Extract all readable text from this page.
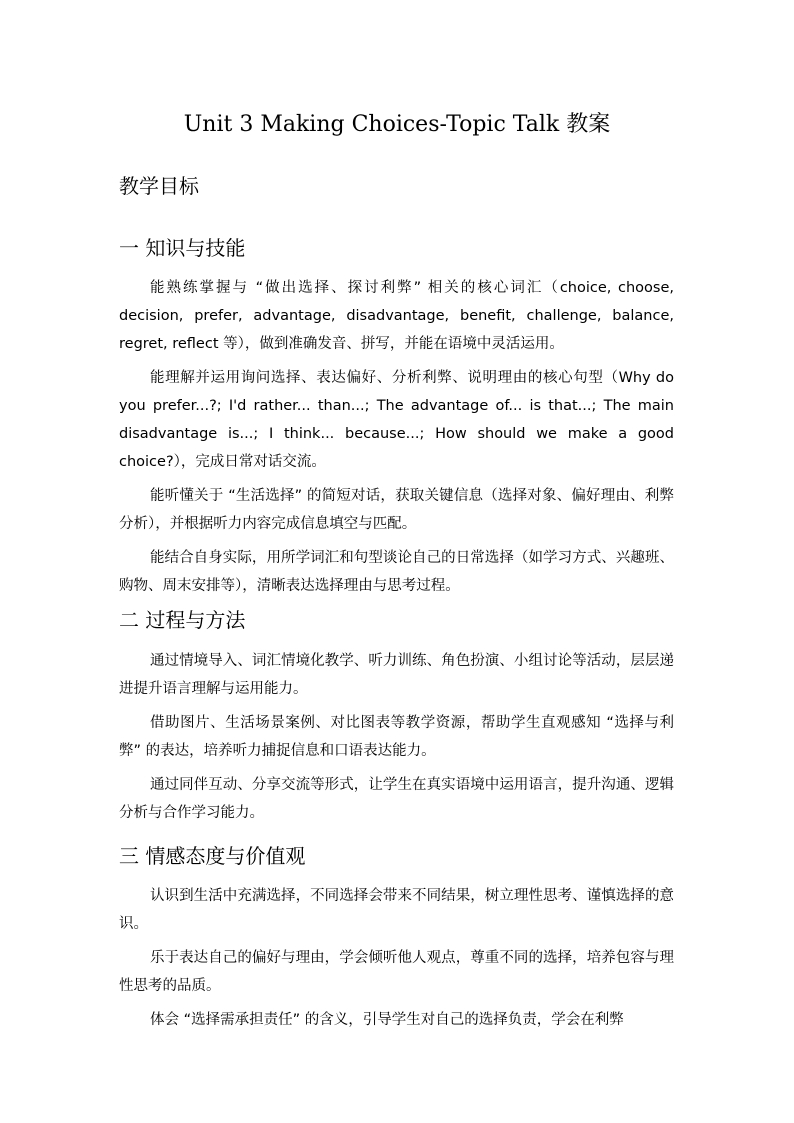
Unit 3 Making Choices-Topic Talk 教案
教学目标
一 知识与技能

能熟练掌握与 “做出选择、探讨利弊” 相关的核心词汇（choice, choose, decision, prefer, advantage, disadvantage, benefit, challenge, balance, regret, reflect 等），做到准确发音、拼写，并能在语境中灵活运用。

能理解并运用询问选择、表达偏好、分析利弊、说明理由的核心句型（Why do you prefer...?; I'd rather... than...; The advantage of... is that...; The main disadvantage is...; I think... because...; How should we make a good choice?），完成日常对话交流。

能听懂关于 “生活选择” 的简短对话，获取关键信息（选择对象、偏好理由、利弊分析），并根据听力内容完成信息填空与匹配。

能结合自身实际，用所学词汇和句型谈论自己的日常选择（如学习方式、兴趣班、购物、周末安排等），清晰表达选择理由与思考过程。

二 过程与方法

通过情境导入、词汇情境化教学、听力训练、角色扮演、小组讨论等活动，层层递进提升语言理解与运用能力。

借助图片、生活场景案例、对比图表等教学资源，帮助学生直观感知 “选择与利弊” 的表达，培养听力捕捉信息和口语表达能力。

通过同伴互动、分享交流等形式，让学生在真实语境中运用语言，提升沟通、逻辑分析与合作学习能力。

三 情感态度与价值观

认识到生活中充满选择，不同选择会带来不同结果，树立理性思考、谨慎选择的意识。

乐于表达自己的偏好与理由，学会倾听他人观点，尊重不同的选择，培养包容与理性思考的品质。

体会 “选择需承担责任” 的含义，引导学生对自己的选择负责，学会在利弊
